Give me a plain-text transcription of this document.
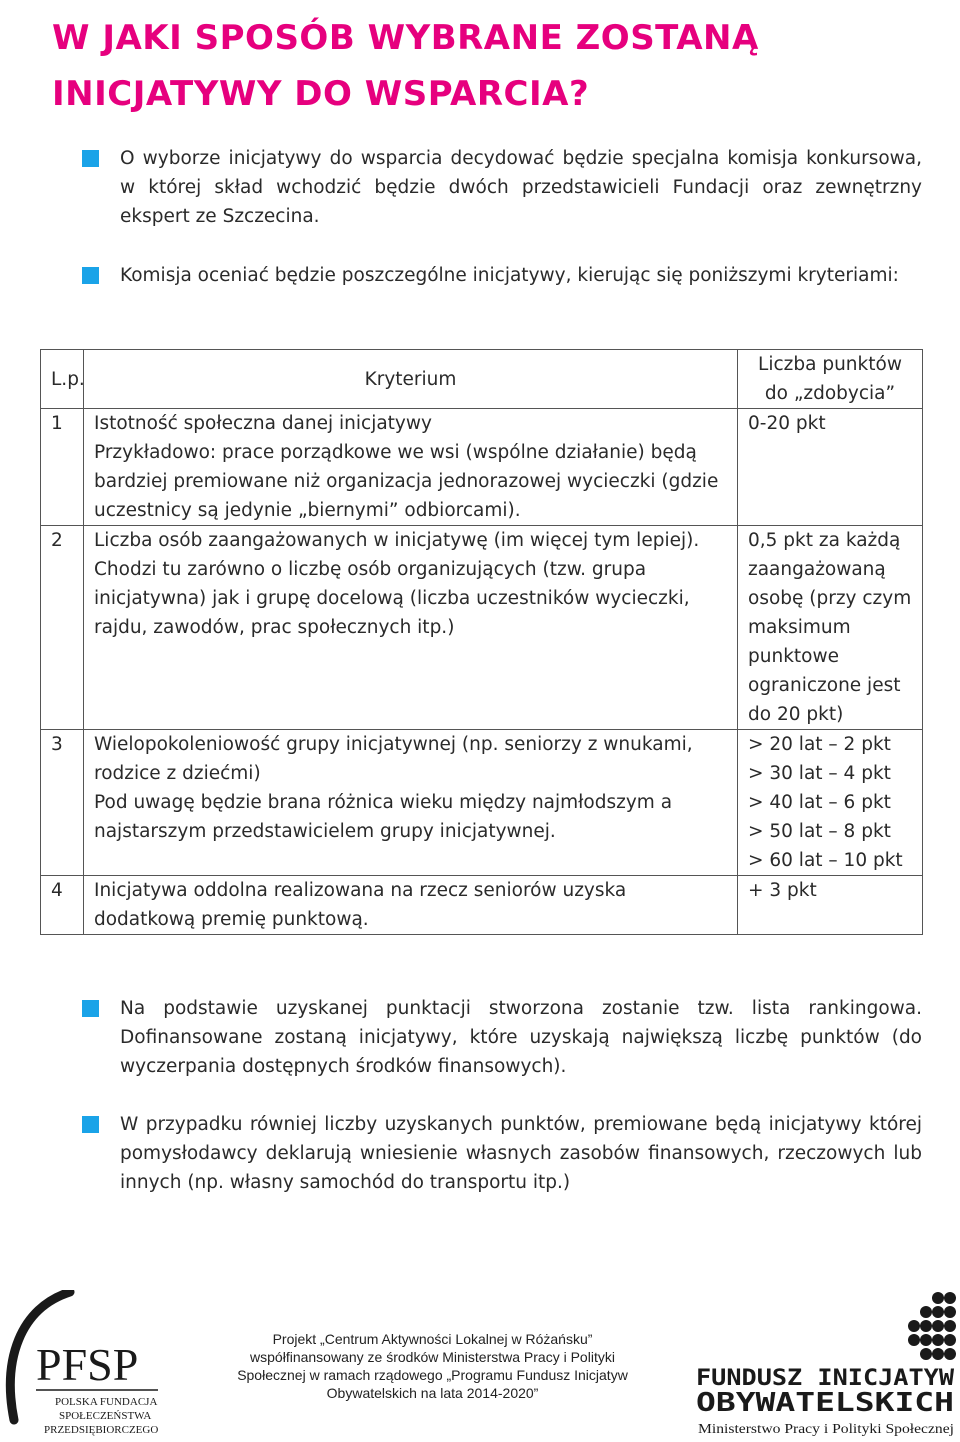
W JAKI SPOSÓB WYBRANE ZOSTANĄ
INICJATYWY DO WSPARCIA?

O wyborze inicjatywy do wsparcia decydować będzie specjalna komisja konkursowa, w której skład wchodzić będzie dwóch przedstawicieli Fundacji oraz zewnętrzny ekspert ze Szczecina.

Komisja oceniać będzie poszczególne inicjatywy, kierując się poniższymi kryteriami:

L.p.	Kryterium	Liczba punktów do „zdobycia”
1	Istotność społeczna danej inicjatywy
Przykładowo: prace porządkowe we wsi (wspólne działanie) będą bardziej premiowane niż organizacja jednorazowej wycieczki (gdzie uczestnicy są jedynie „biernymi” odbiorcami).	0-20 pkt

2	Liczba osób zaangażowanych w inicjatywę (im więcej tym lepiej).
Chodzi tu zarówno o liczbę osób organizujących (tzw. grupa inicjatywna) jak i grupę docelową (liczba uczestników wycieczki, rajdu, zawodów, prac społecznych itp.)	0,5 pkt za każdą zaangażowaną osobę (przy czym maksimum punktowe ograniczone jest do 20 pkt)

3	Wielopokoleniowość grupy inicjatywnej (np. seniorzy z wnukami, rodzice z dziećmi)
Pod uwagę będzie brana różnica wieku między najmłodszym a najstarszym przedstawicielem grupy inicjatywnej.	> 20 lat – 2 pkt
> 30 lat – 4 pkt
> 40 lat – 6 pkt
> 50 lat – 8 pkt
> 60 lat – 10 pkt

4	Inicjatywa oddolna realizowana na rzecz seniorów uzyska dodatkową premię punktową.	+ 3 pkt

Na podstawie uzyskanej punktacji stworzona zostanie tzw. lista rankingowa. Dofinansowane zostaną inicjatywy, które uzyskają największą liczbę punktów (do wyczerpania dostępnych środków finansowych).

W przypadku równiej liczby uzyskanych punktów, premiowane będą inicjatywy której pomysłodawcy deklarują wniesienie własnych zasobów finansowych, rzeczowych lub innych (np. własny samochód do transportu itp.)

PFSP
POLSKA FUNDACJA
SPOŁECZEŃSTWA
PRZEDSIĘBIORCZEGO
Projekt „Centrum Aktywności Lokalnej w Różańsku”
współfinansowany ze środków Ministerstwa Pracy i Polityki
Społecznej w ramach rządowego „Programu Fundusz Inicjatyw
Obywatelskich na lata 2014-2020”
FUNDUSZ INICJATYW
OBYWATELSKICH
Ministerstwo Pracy i Polityki Społecznej
